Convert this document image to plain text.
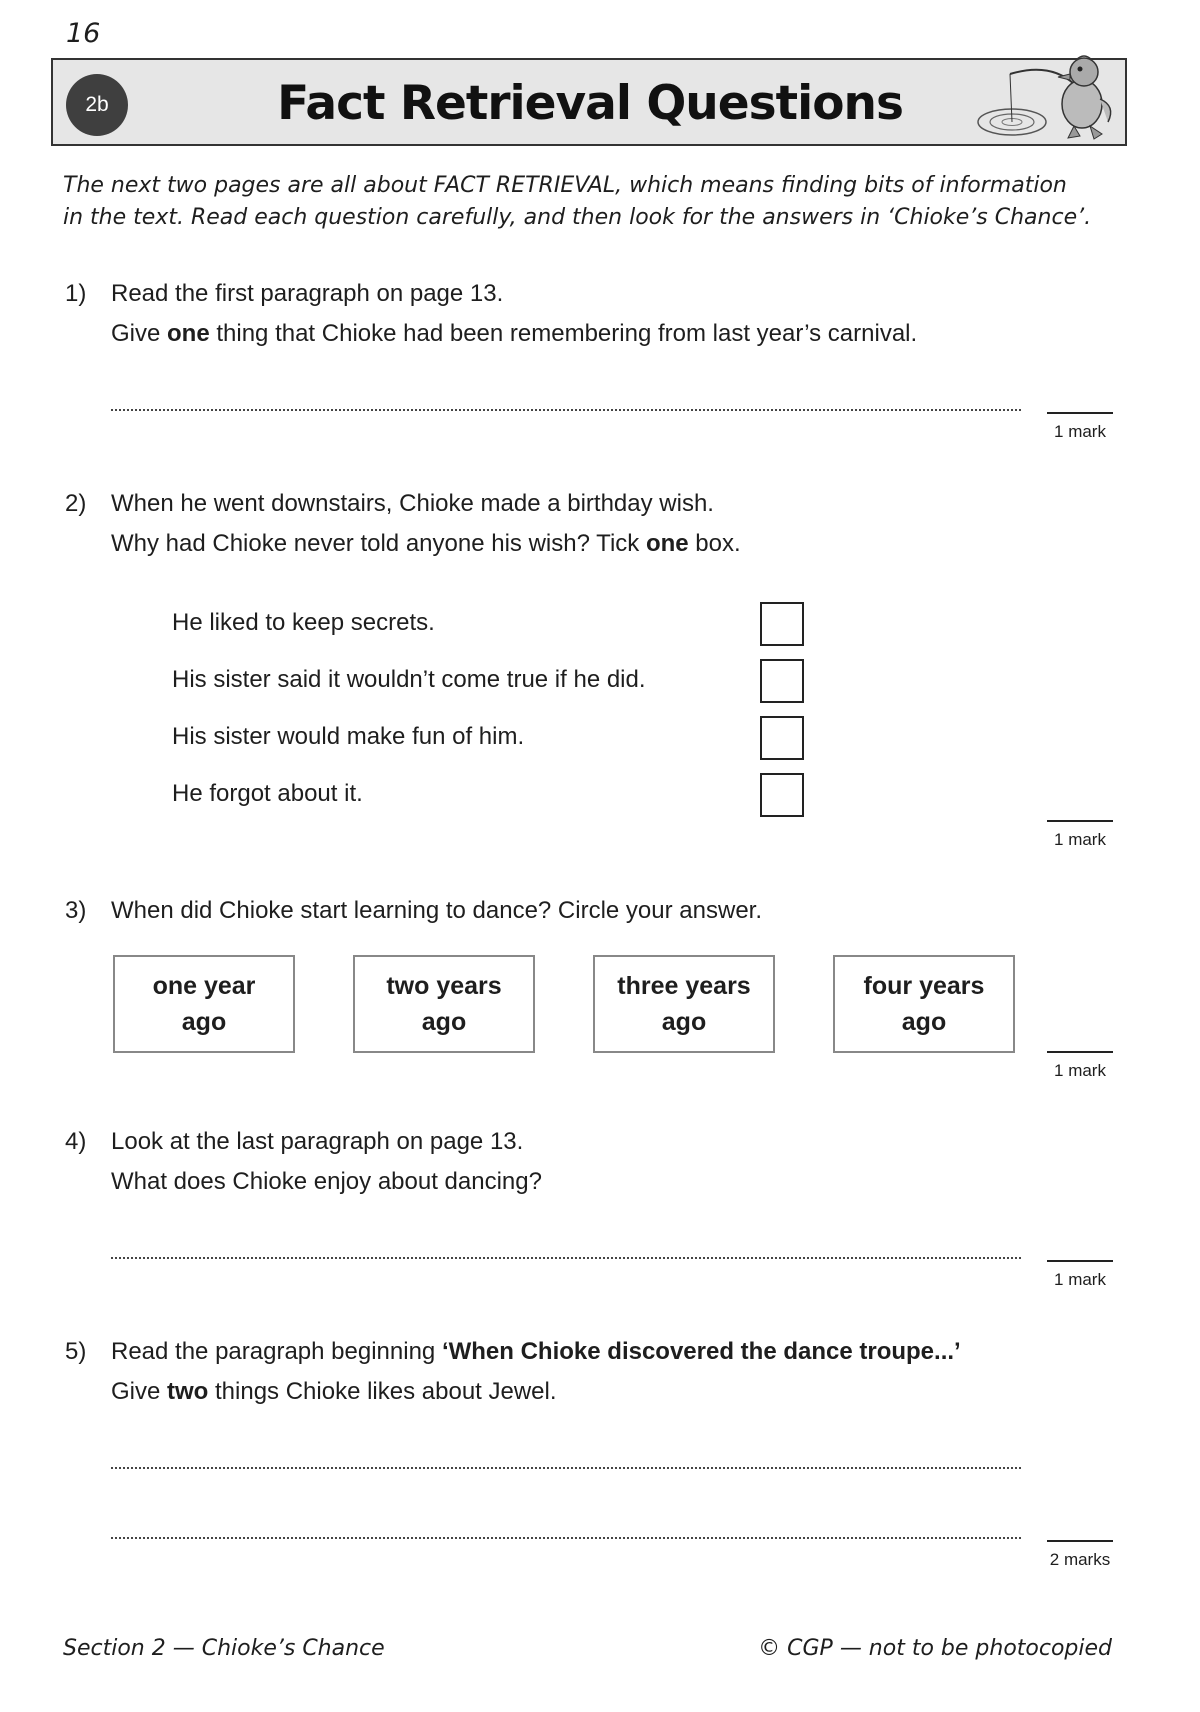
16
2b	Fact Retrieval Questions
The next two pages are all about FACT RETRIEVAL, which means finding bits of information
in the text. Read each question carefully, and then look for the answers in ‘Chioke’s Chance’.
1) Read the first paragraph on page 13.
Give one thing that Chioke had been remembering from last year’s carnival.
1 mark
2) When he went downstairs, Chioke made a birthday wish.
Why had Chioke never told anyone his wish? Tick one box.
He liked to keep secrets.
His sister said it wouldn’t come true if he did.
His sister would make fun of him.
He forgot about it.
1 mark
3) When did Chioke start learning to dance? Circle your answer.
one year
ago
two years
ago
three years
ago
four years
ago
1 mark
4) Look at the last paragraph on page 13.
What does Chioke enjoy about dancing?
1 mark
5) Read the paragraph beginning ‘When Chioke discovered the dance troupe...’
Give two things Chioke likes about Jewel.
2 marks
Section 2 — Chioke’s Chance	© CGP — not to be photocopied
